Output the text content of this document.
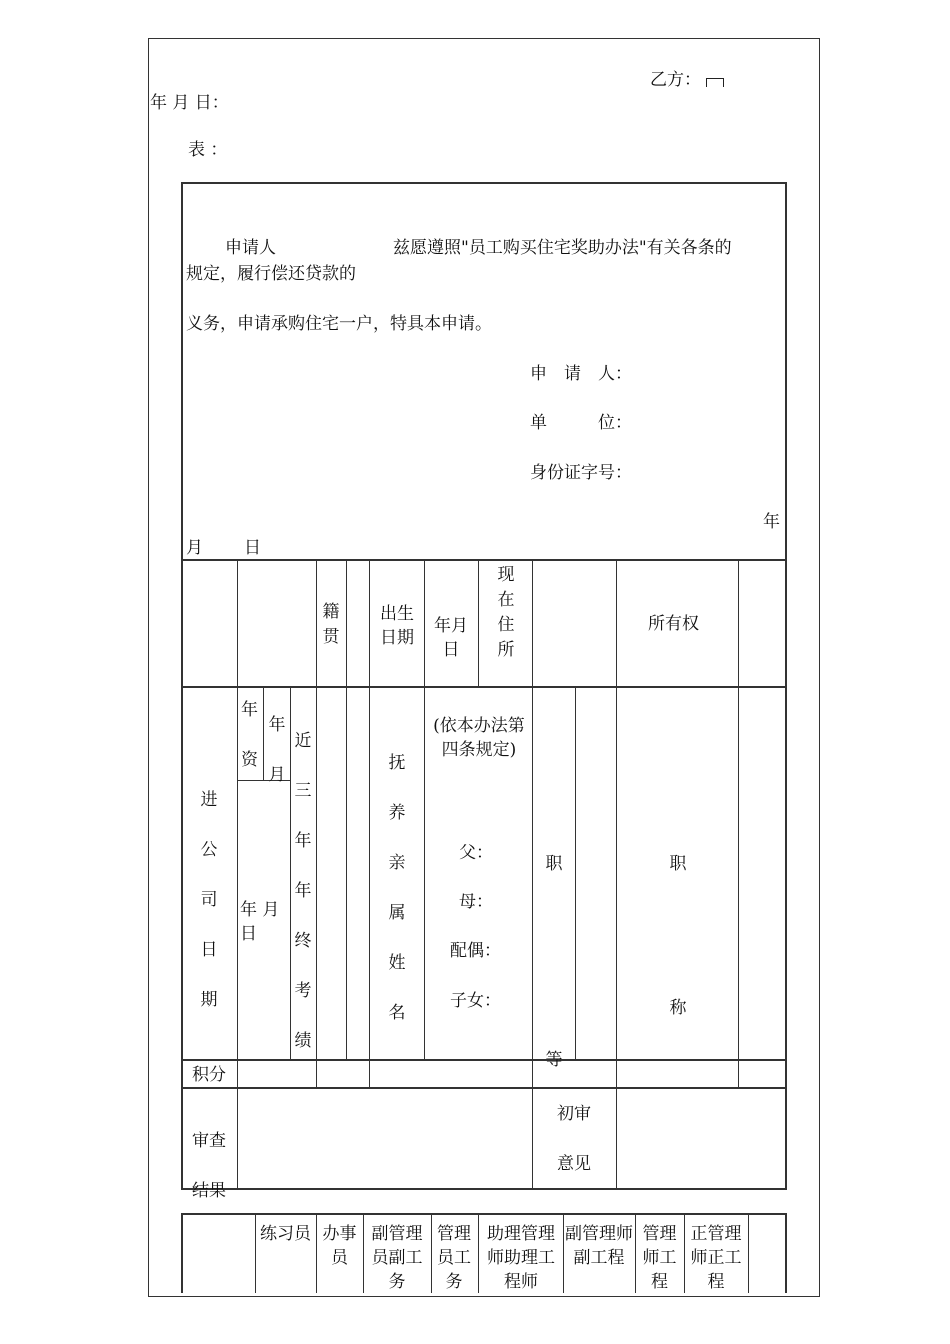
乙方：
年 月 日：
表 ：
申请人	兹愿遵照"员工购买住宅奖助办法"有关各条的
规定，履行偿还贷款的
义务，申请承购住宅一户，特具本申请。
申　请　人：
单　　　位：
身份证字号：
年
月 日
籍贯
出生日期
年月日
现在住所
所有权
进公司日期
年
资
年月
年 月日
近三年年终考绩
抚养亲属姓名
(依本办法第四条规定)
父：
母：
配偶：
子女：
职等
职称
积分
审查结果
初审
意见
练习员 办事员
副管理员副工务
管理员工务
助理管理师助理工程师
副管理师副工程
管理师工程
正管理师正工程
